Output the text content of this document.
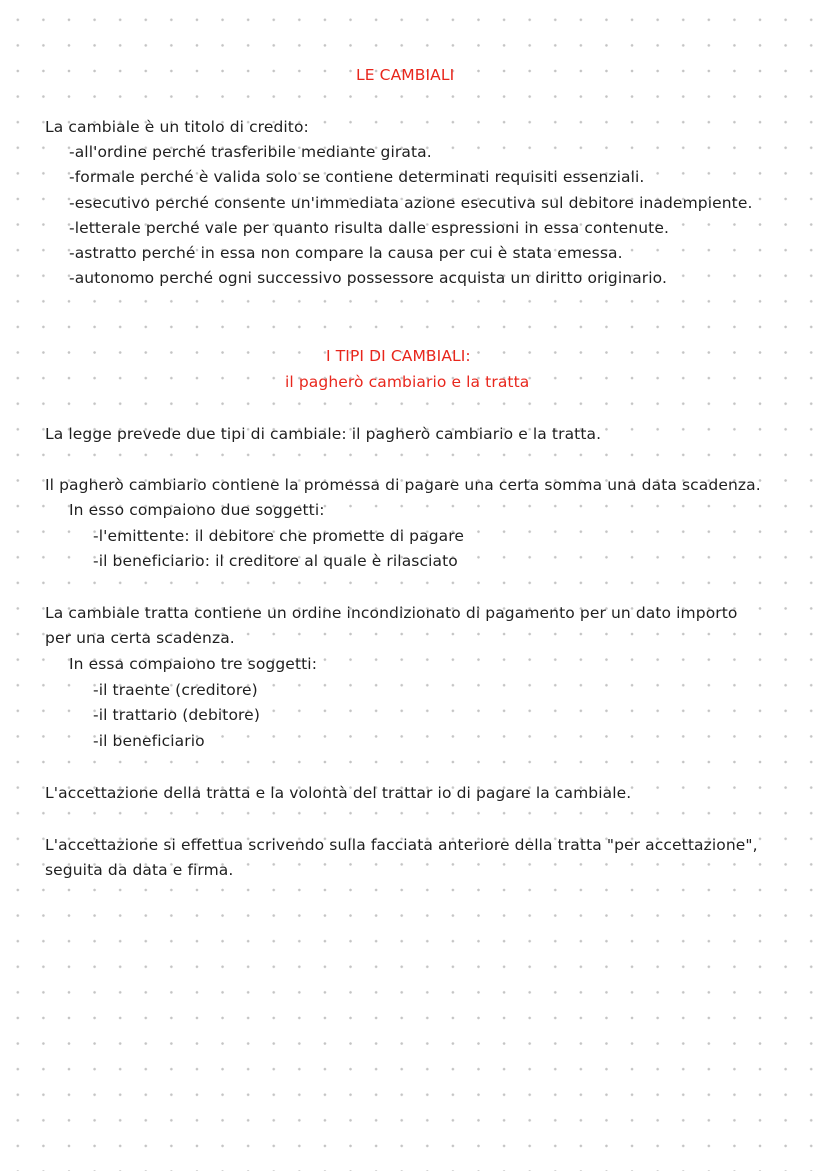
LE CAMBIALI
La cambiale è un titolo di credito:
-all'ordine perché trasferibile mediante girata.
-formale perché è valida solo se contiene determinati requisiti essenziali.
-esecutivo perché consente un'immediata azione esecutiva sul debitore inadempiente.
-letterale perché vale per quanto risulta dalle espressioni in essa contenute.
-astratto perché in essa non compare la causa per cui è stata emessa.
-autonomo perché ogni successivo possessore acquista un diritto originario.
I TIPI DI CAMBIALI:
il pagherò cambiario e la tratta
La legge prevede due tipi di cambiale: il pagherò cambiario e la tratta.
Il pagherò cambiario contiene la promessa di pagare una certa somma una data scadenza.
In esso compaiono due soggetti:
-l'emittente: il debitore che promette di pagare
-il beneficiario: il creditore al quale è rilasciato
La cambiale tratta contiene un ordine incondizionato di pagamento per un dato importo
per una certa scadenza.
In essa compaiono tre soggetti:
-il traente (creditore)
-il trattario (debitore)
-il beneficiario
L'accettazione della tratta e la volontà del trattar io di pagare la cambiale.
L'accettazione si effettua scrivendo sulla facciata anteriore della tratta "per accettazione",
seguita da data e firma.
